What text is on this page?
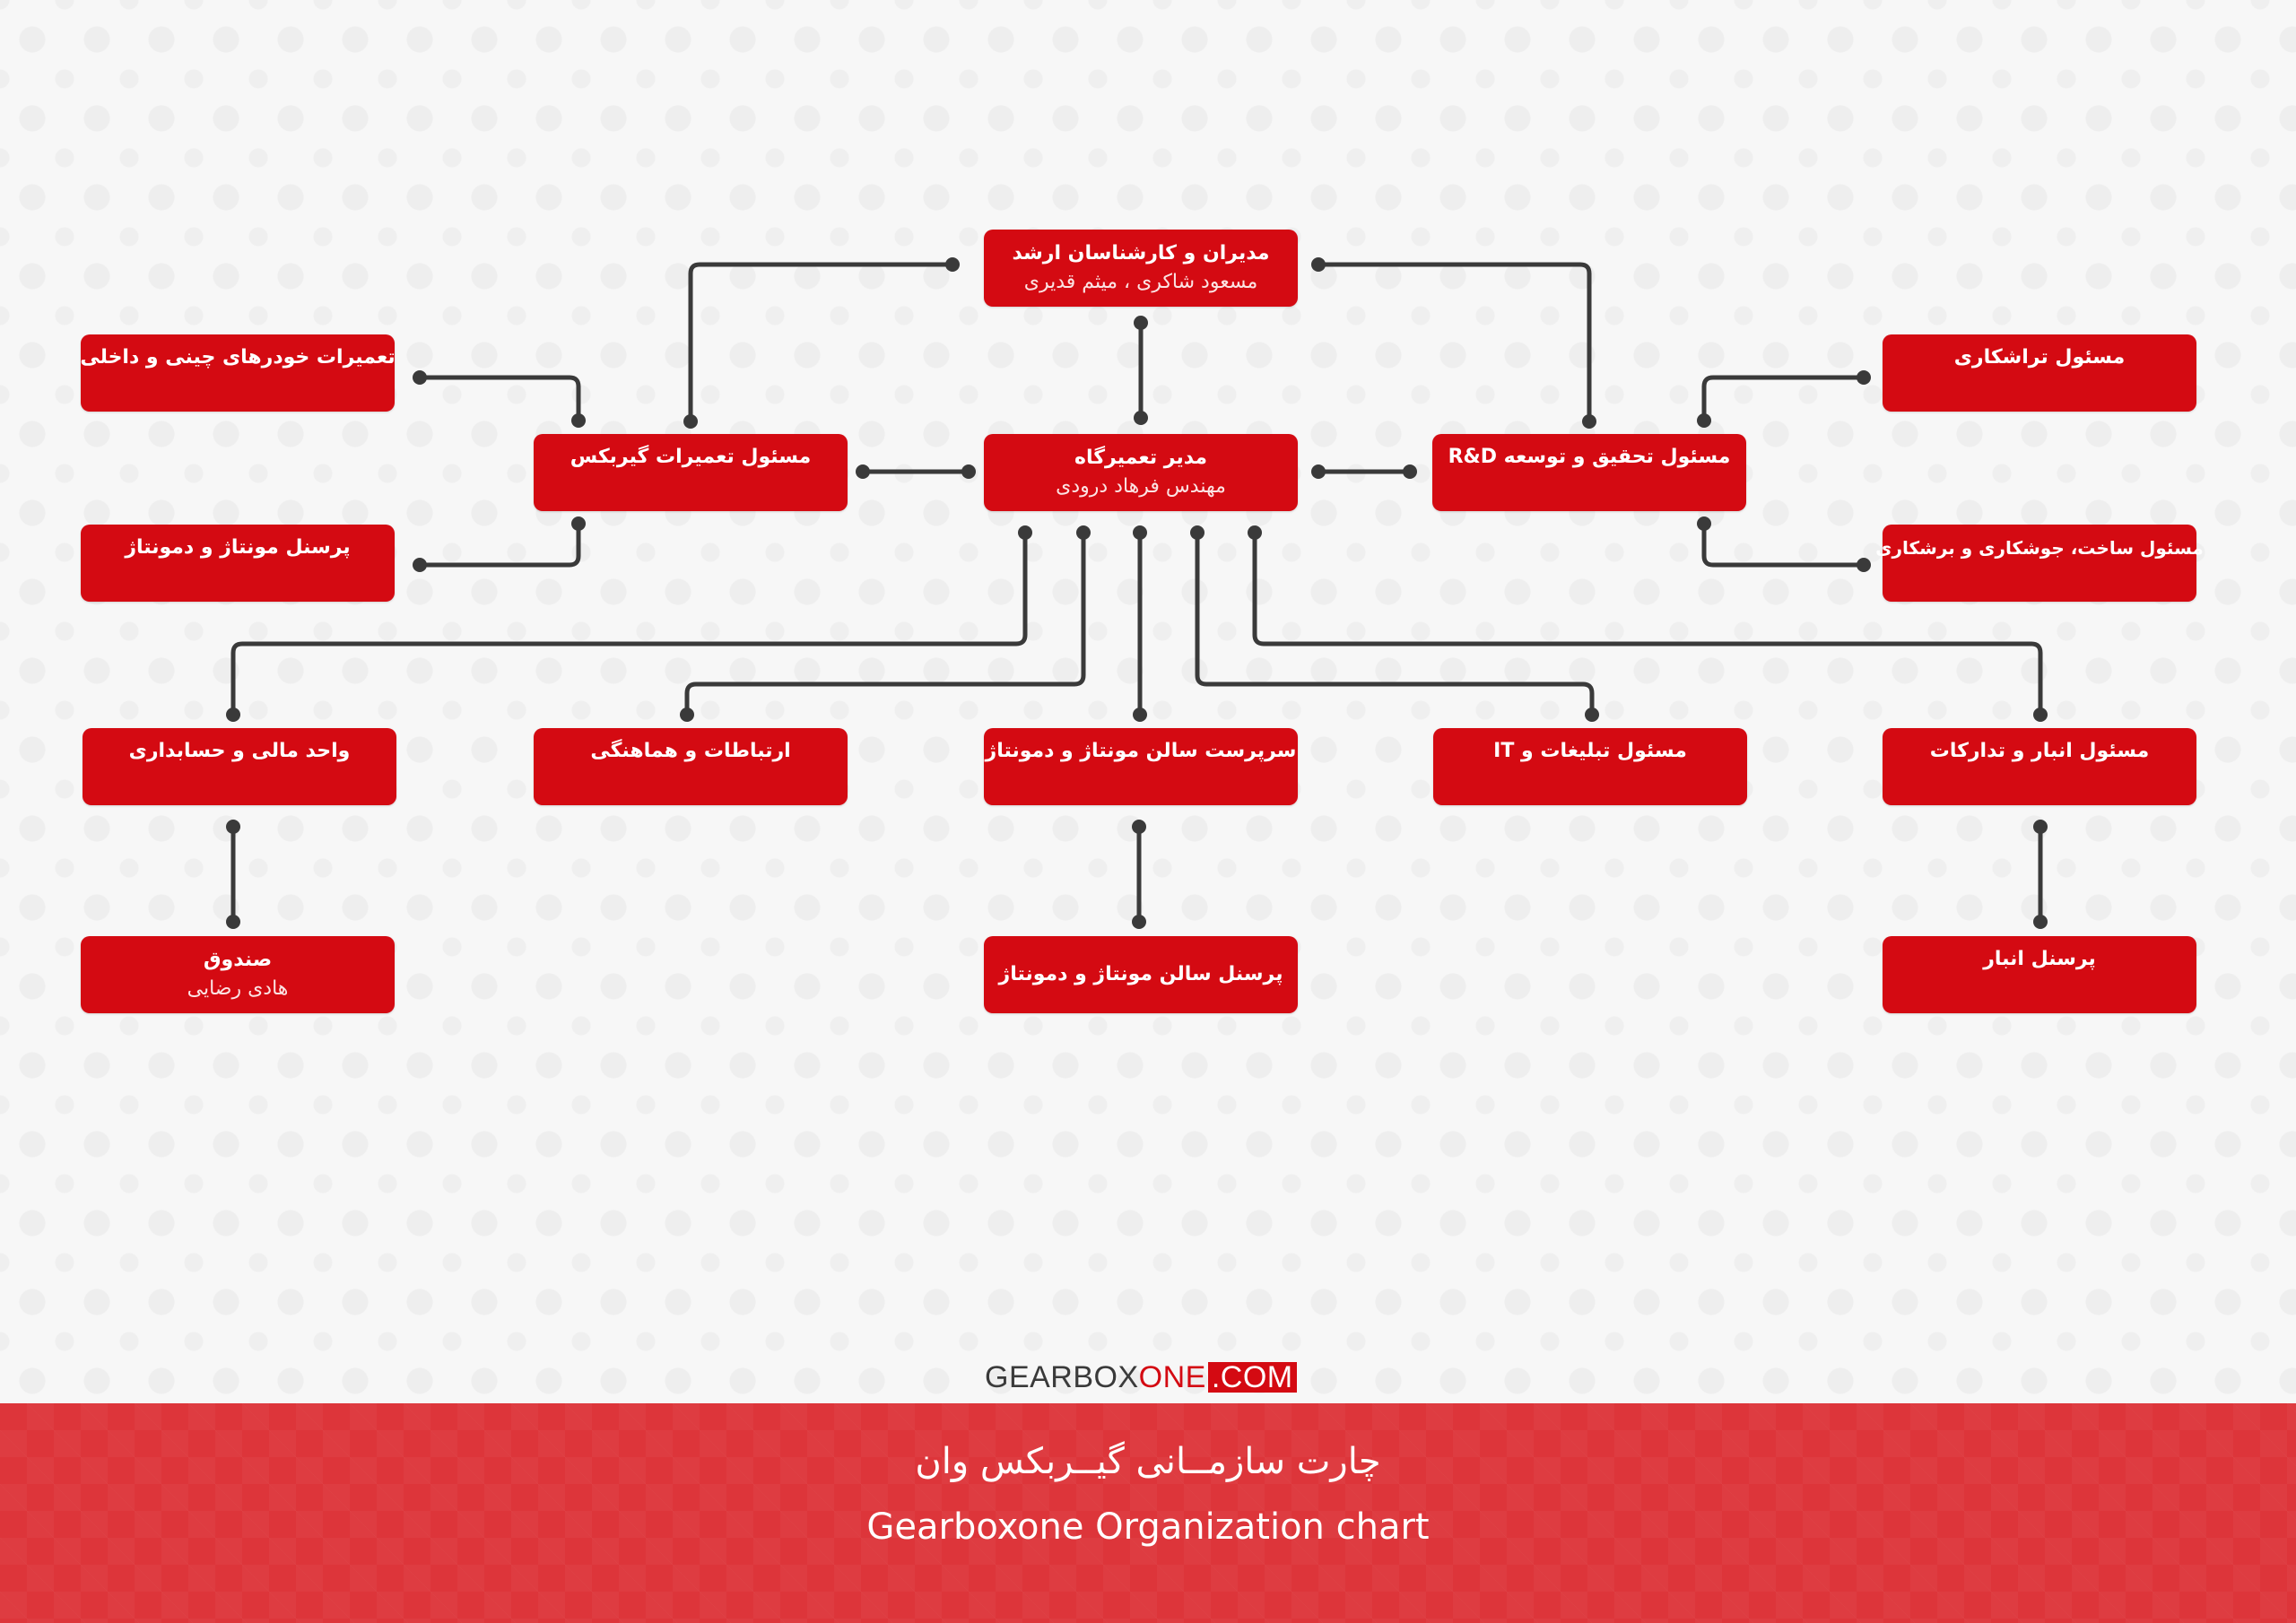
مدیران و کارشناسان ارشد
مسعود شاکری ، میثم قدیری
تعمیرات خودرهای چینی و داخلی	مسئول تراشکاری
مسئول تعمیرات گیربکس	مدیر تعمیرگاه
مهندس فرهاد درودی
مسئول تحقیق و توسعه R&D
پرسنل مونتاژ و دمونتاژ	مسئول ساخت، جوشکاری و برشکاری
واحد مالی و حسابداری	ارتباطات و هماهنگی	سرپرست سالن مونتاژ و دمونتاژ	مسئول تبلیغات و IT	مسئول انبار و تدارکات
صندوق
هادی رضایی
پرسنل سالن مونتاژ و دمونتاژ
پرسنل انبار
GEARBOX ONE .COM
چارت سازمــانی گیــربکس وان
Gearboxone Organization chart
